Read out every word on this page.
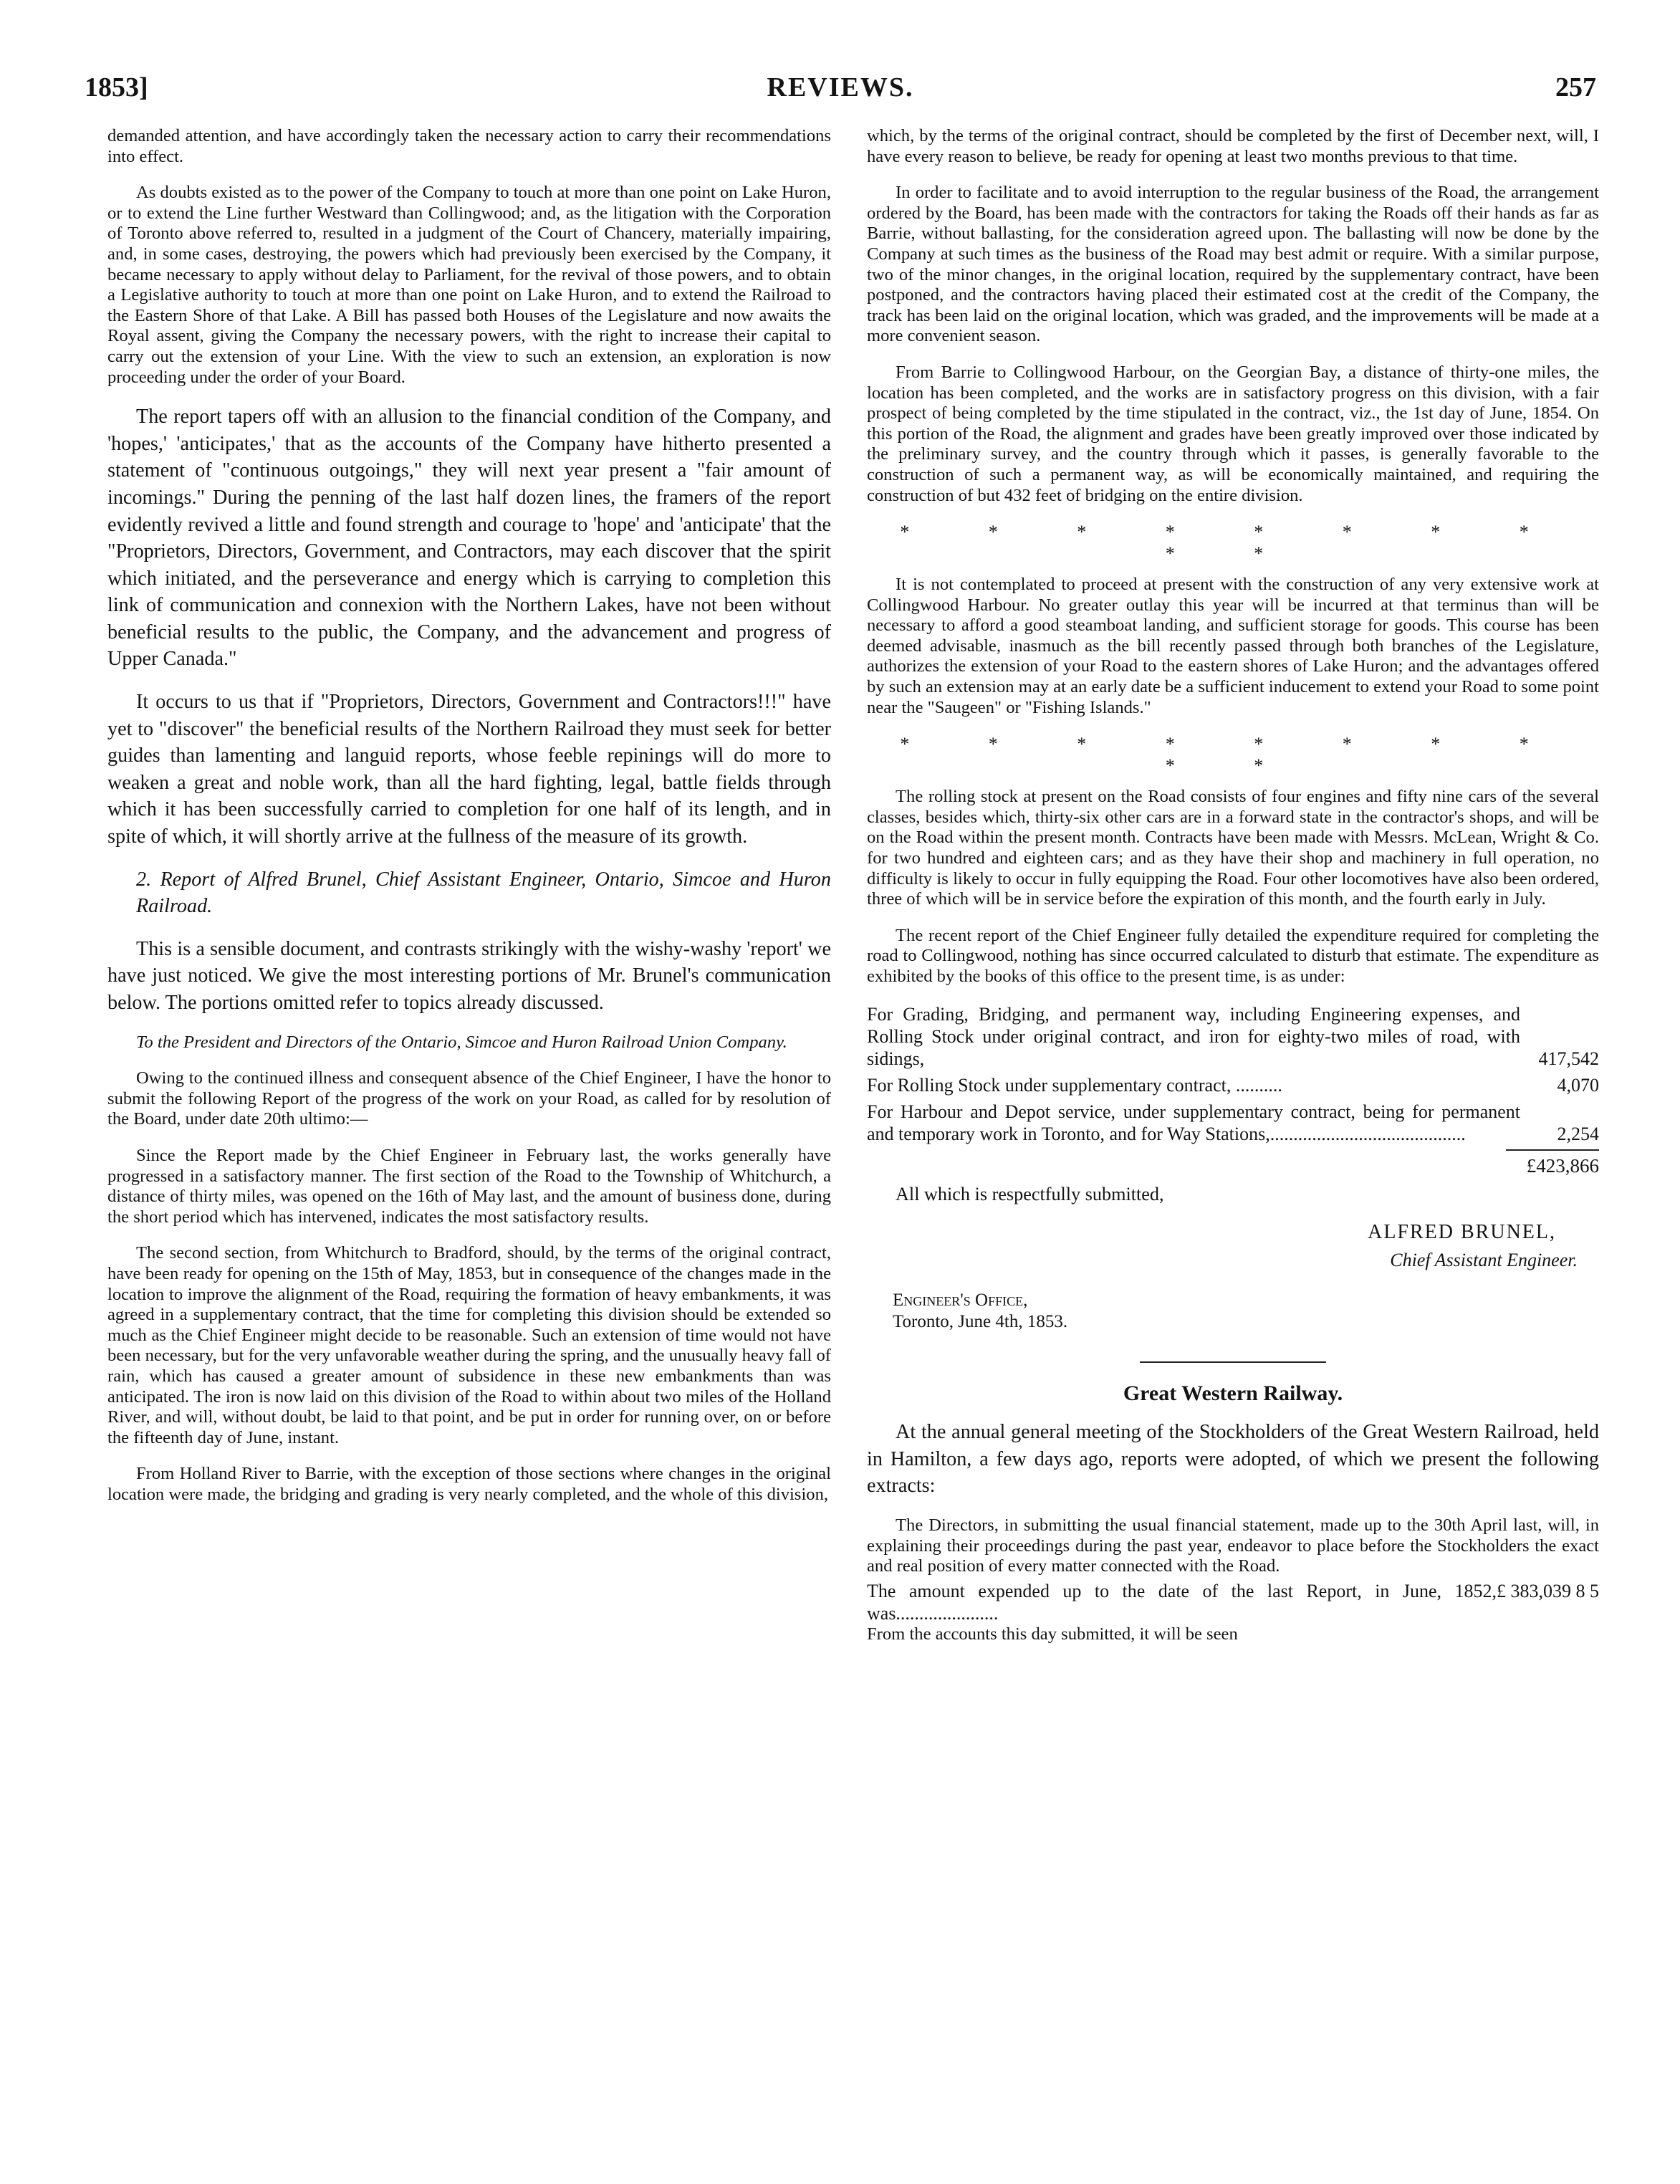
1853]	REVIEWS.	257

demanded attention, and have accordingly taken the necessary action to carry their recommendations into effect.

As doubts existed as to the power of the Company to touch at more than one point on Lake Huron, or to extend the Line further Westward than Collingwood; and, as the litigation with the Corporation of Toronto above referred to, resulted in a judgment of the Court of Chancery, materially impairing, and, in some cases, destroying, the powers which had previously been exercised by the Company, it became necessary to apply without delay to Parliament, for the revival of those powers, and to obtain a Legislative authority to touch at more than one point on Lake Huron, and to extend the Railroad to the Eastern Shore of that Lake. A Bill has passed both Houses of the Legislature and now awaits the Royal assent, giving the Company the necessary powers, with the right to increase their capital to carry out the extension of your Line. With the view to such an extension, an exploration is now proceeding under the order of your Board.

The report tapers off with an allusion to the financial condition of the Company, and 'hopes,' 'anticipates,' that as the accounts of the Company have hitherto presented a statement of "continuous outgoings," they will next year present a "fair amount of incomings." During the penning of the last half dozen lines, the framers of the report evidently revived a little and found strength and courage to 'hope' and 'anticipate' that the "Proprietors, Directors, Government, and Contractors, may each discover that the spirit which initiated, and the perseverance and energy which is carrying to completion this link of communication and connexion with the Northern Lakes, have not been without beneficial results to the public, the Company, and the advancement and progress of Upper Canada."

It occurs to us that if "Proprietors, Directors, Government and Contractors!!!" have yet to "discover" the beneficial results of the Northern Railroad they must seek for better guides than lamenting and languid reports, whose feeble repinings will do more to weaken a great and noble work, than all the hard fighting, legal, battle fields through which it has been successfully carried to completion for one half of its length, and in spite of which, it will shortly arrive at the fullness of the measure of its growth.

2. Report of Alfred Brunel, Chief Assistant Engineer, Ontario, Simcoe and Huron Railroad.

This is a sensible document, and contrasts strikingly with the wishy-washy 'report' we have just noticed. We give the most interesting portions of Mr. Brunel's communication below. The portions omitted refer to topics already discussed.

To the President and Directors of the Ontario, Simcoe and Huron Railroad Union Company.

Owing to the continued illness and consequent absence of the Chief Engineer, I have the honor to submit the following Report of the progress of the work on your Road, as called for by resolution of the Board, under date 20th ultimo:—

Since the Report made by the Chief Engineer in February last, the works generally have progressed in a satisfactory manner. The first section of the Road to the Township of Whitchurch, a distance of thirty miles, was opened on the 16th of May last, and the amount of business done, during the short period which has intervened, indicates the most satisfactory results.

The second section, from Whitchurch to Bradford, should, by the terms of the original contract, have been ready for opening on the 15th of May, 1853, but in consequence of the changes made in the location to improve the alignment of the Road, requiring the formation of heavy embankments, it was agreed in a supplementary contract, that the time for completing this division should be extended so much as the Chief Engineer might decide to be reasonable. Such an extension of time would not have been necessary, but for the very unfavorable weather during the spring, and the unusually heavy fall of rain, which has caused a greater amount of subsidence in these new embankments than was anticipated. The iron is now laid on this division of the Road to within about two miles of the Holland River, and will, without doubt, be laid to that point, and be put in order for running over, on or before the fifteenth day of June, instant.

From Holland River to Barrie, with the exception of those sections where changes in the original location were made, the bridging and grading is very nearly completed, and the whole of this division,

which, by the terms of the original contract, should be completed by the first of December next, will, I have every reason to believe, be ready for opening at least two months previous to that time.

In order to facilitate and to avoid interruption to the regular business of the Road, the arrangement ordered by the Board, has been made with the contractors for taking the Roads off their hands as far as Barrie, without ballasting, for the consideration agreed upon. The ballasting will now be done by the Company at such times as the business of the Road may best admit or require. With a similar purpose, two of the minor changes, in the original location, required by the supplementary contract, have been postponed, and the contractors having placed their estimated cost at the credit of the Company, the track has been laid on the original location, which was graded, and the improvements will be made at a more convenient season.

From Barrie to Collingwood Harbour, on the Georgian Bay, a distance of thirty-one miles, the location has been completed, and the works are in satisfactory progress on this division, with a fair prospect of being completed by the time stipulated in the contract, viz., the 1st day of June, 1854. On this portion of the Road, the alignment and grades have been greatly improved over those indicated by the preliminary survey, and the country through which it passes, is generally favorable to the construction of such a permanent way, as will be economically maintained, and requiring the construction of but 432 feet of bridging on the entire division.

* * * * * * * * * *

It is not contemplated to proceed at present with the construction of any very extensive work at Collingwood Harbour. No greater outlay this year will be incurred at that terminus than will be necessary to afford a good steamboat landing, and sufficient storage for goods. This course has been deemed advisable, inasmuch as the bill recently passed through both branches of the Legislature, authorizes the extension of your Road to the eastern shores of Lake Huron; and the advantages offered by such an extension may at an early date be a sufficient inducement to extend your Road to some point near the "Saugeen" or "Fishing Islands."

* * * * * * * * * *

The rolling stock at present on the Road consists of four engines and fifty nine cars of the several classes, besides which, thirty-six other cars are in a forward state in the contractor's shops, and will be on the Road within the present month. Contracts have been made with Messrs. McLean, Wright & Co. for two hundred and eighteen cars; and as they have their shop and machinery in full operation, no difficulty is likely to occur in fully equipping the Road. Four other locomotives have also been ordered, three of which will be in service before the expiration of this month, and the fourth early in July.

The recent report of the Chief Engineer fully detailed the expenditure required for completing the road to Collingwood, nothing has since occurred calculated to disturb that estimate. The expenditure as exhibited by the books of this office to the present time, is as under:

For Grading, Bridging, and permanent way, including Engineering expenses, and Rolling Stock under original contract, and iron for eighty-two miles of road, with sidings,	417,542
For Rolling Stock under supplementary contract, ..........	4,070
For Harbour and Depot service, under supplementary contract, being for permanent and temporary work in Toronto, and for Way Stations,..........................................	2,254
£423,866

All which is respectfully submitted,

ALFRED BRUNEL,
Chief Assistant Engineer.
Engineer's Office,
Toronto, June 4th, 1853.
Great Western Railway.

At the annual general meeting of the Stockholders of the Great Western Railroad, held in Hamilton, a few days ago, reports were adopted, of which we present the following extracts:

The Directors, in submitting the usual financial statement, made up to the 30th April last, will, in explaining their proceedings during the past year, endeavor to place before the Stockholders the exact and real position of every matter connected with the Road.

The amount expended up to the date of the last Report, in June, 1852, was......................
£ 383,039 8 5

From the accounts this day submitted, it will be seen
